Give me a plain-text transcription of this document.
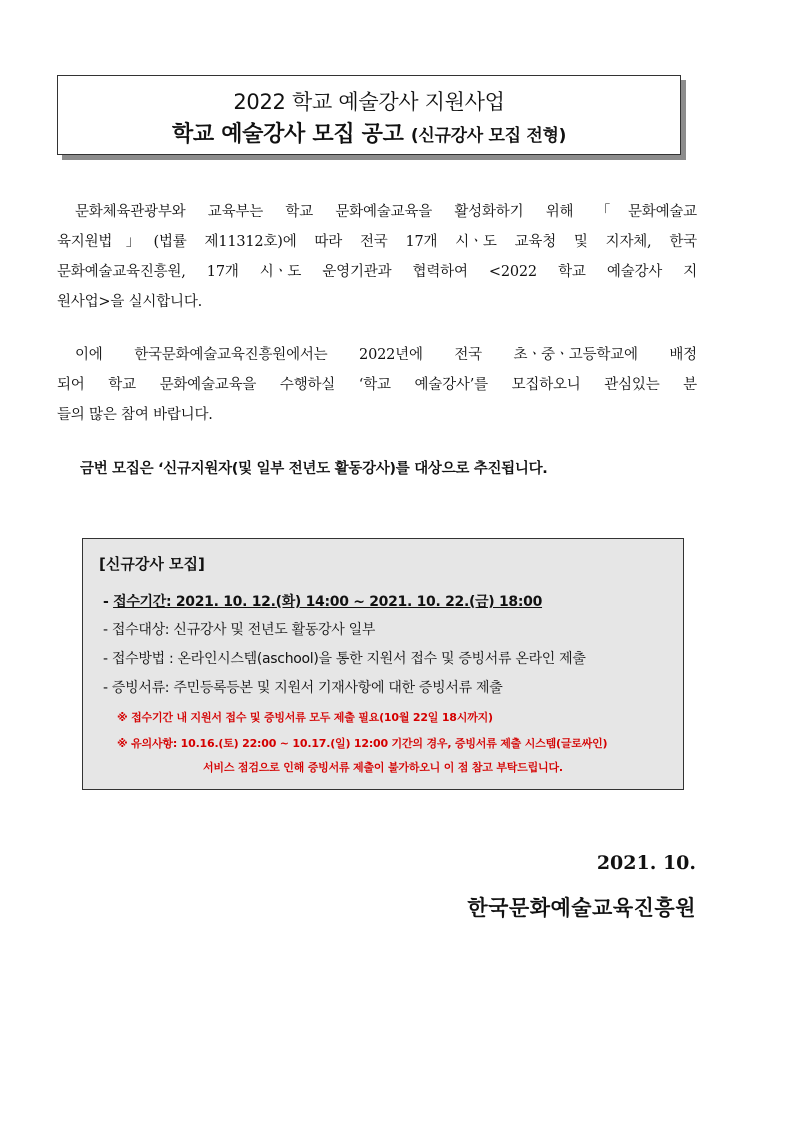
2022 학교 예술강사 지원사업
학교 예술강사 모집 공고 (신규강사 모집 전형)
문화체육관광부와 교육부는 학교 문화예술교육을 활성화하기 위해 「문화예술교
육지원법」(법률 제11312호)에 따라 전국 17개 시ㆍ도 교육청 및 지자체, 한국
문화예술교육진흥원, 17개 시ㆍ도 운영기관과 협력하여 <2022 학교 예술강사 지
원사업>을 실시합니다.
이에 한국문화예술교육진흥원에서는 2022년에 전국 초ㆍ중ㆍ고등학교에 배정
되어 학교 문화예술교육을 수행하실 ‘학교 예술강사’를 모집하오니 관심있는 분
들의 많은 참여 바랍니다.
금번 모집은 ‘신규지원자(및 일부 전년도 활동강사)를 대상으로 추진됩니다.
[신규강사 모집]
- 접수기간: 2021. 10. 12.(화) 14:00 ~ 2021. 10. 22.(금) 18:00
- 접수대상: 신규강사 및 전년도 활동강사 일부
- 접수방법 : 온라인시스템(aschool)을 통한 지원서 접수 및 증빙서류 온라인 제출
- 증빙서류: 주민등록등본 및 지원서 기재사항에 대한 증빙서류 제출
※ 접수기간 내 지원서 접수 및 증빙서류 모두 제출 필요(10월 22일 18시까지)
※ 유의사항: 10.16.(토) 22:00 ~ 10.17.(일) 12:00 기간의 경우, 증빙서류 제출 시스템(글로싸인)
서비스 점검으로 인해 증빙서류 제출이 불가하오니 이 점 참고 부탁드립니다.
2021. 10.
한국문화예술교육진흥원
